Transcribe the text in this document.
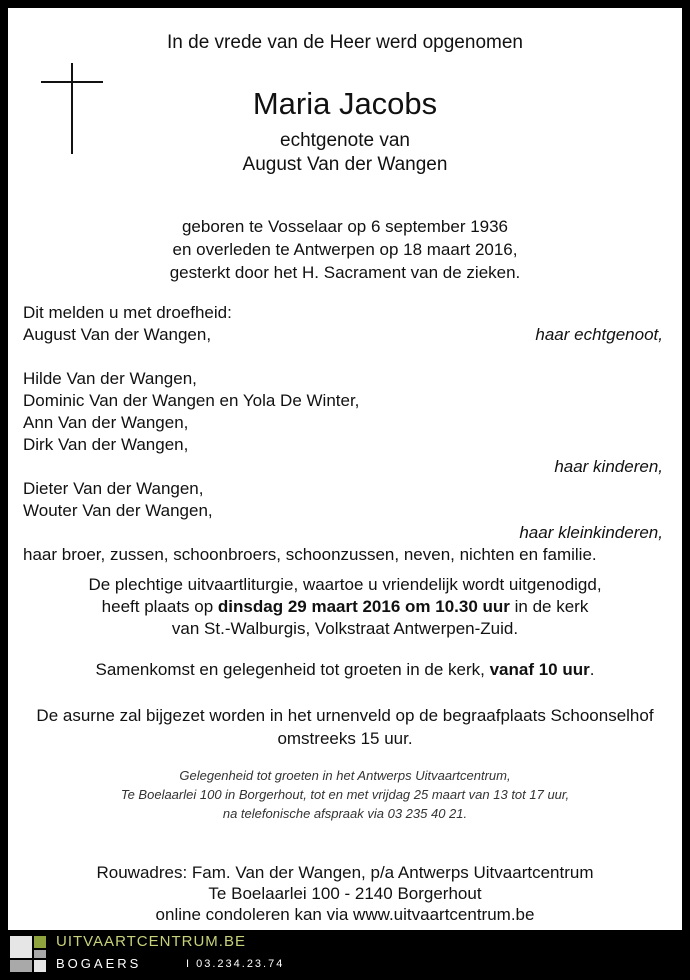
In de vrede van de Heer werd opgenomen
Maria Jacobs
echtgenote van
August Van der Wangen
geboren te Vosselaar op 6 september 1936
en overleden te Antwerpen op 18 maart 2016,
gesterkt door het H. Sacrament van de zieken.
Dit melden u met droefheid:
August Van der Wangen,	haar echtgenoot,
Hilde Van der Wangen,
Dominic Van der Wangen en Yola De Winter,
Ann Van der Wangen,
Dirk Van der Wangen,
haar kinderen,
Dieter Van der Wangen,
Wouter Van der Wangen,
haar kleinkinderen,
haar broer, zussen, schoonbroers, schoonzussen, neven, nichten en familie.
De plechtige uitvaartliturgie, waartoe u vriendelijk wordt uitgenodigd,
heeft plaats op dinsdag 29 maart 2016 om 10.30 uur in de kerk
van St.-Walburgis, Volkstraat Antwerpen-Zuid.
Samenkomst en gelegenheid tot groeten in de kerk, vanaf 10 uur.
De asurne zal bijgezet worden in het urnenveld op de begraafplaats Schoonselhof
omstreeks 15 uur.
Gelegenheid tot groeten in het Antwerps Uitvaartcentrum,
Te Boelaarlei 100 in Borgerhout, tot en met vrijdag 25 maart van 13 tot 17 uur,
na telefonische afspraak via 03 235 40 21.
Rouwadres: Fam. Van der Wangen, p/a Antwerps Uitvaartcentrum
Te Boelaarlei 100 - 2140 Borgerhout
online condoleren kan via www.uitvaartcentrum.be
UITVAARTCENTRUM.BE
BOGAERS	I 03.234.23.74
